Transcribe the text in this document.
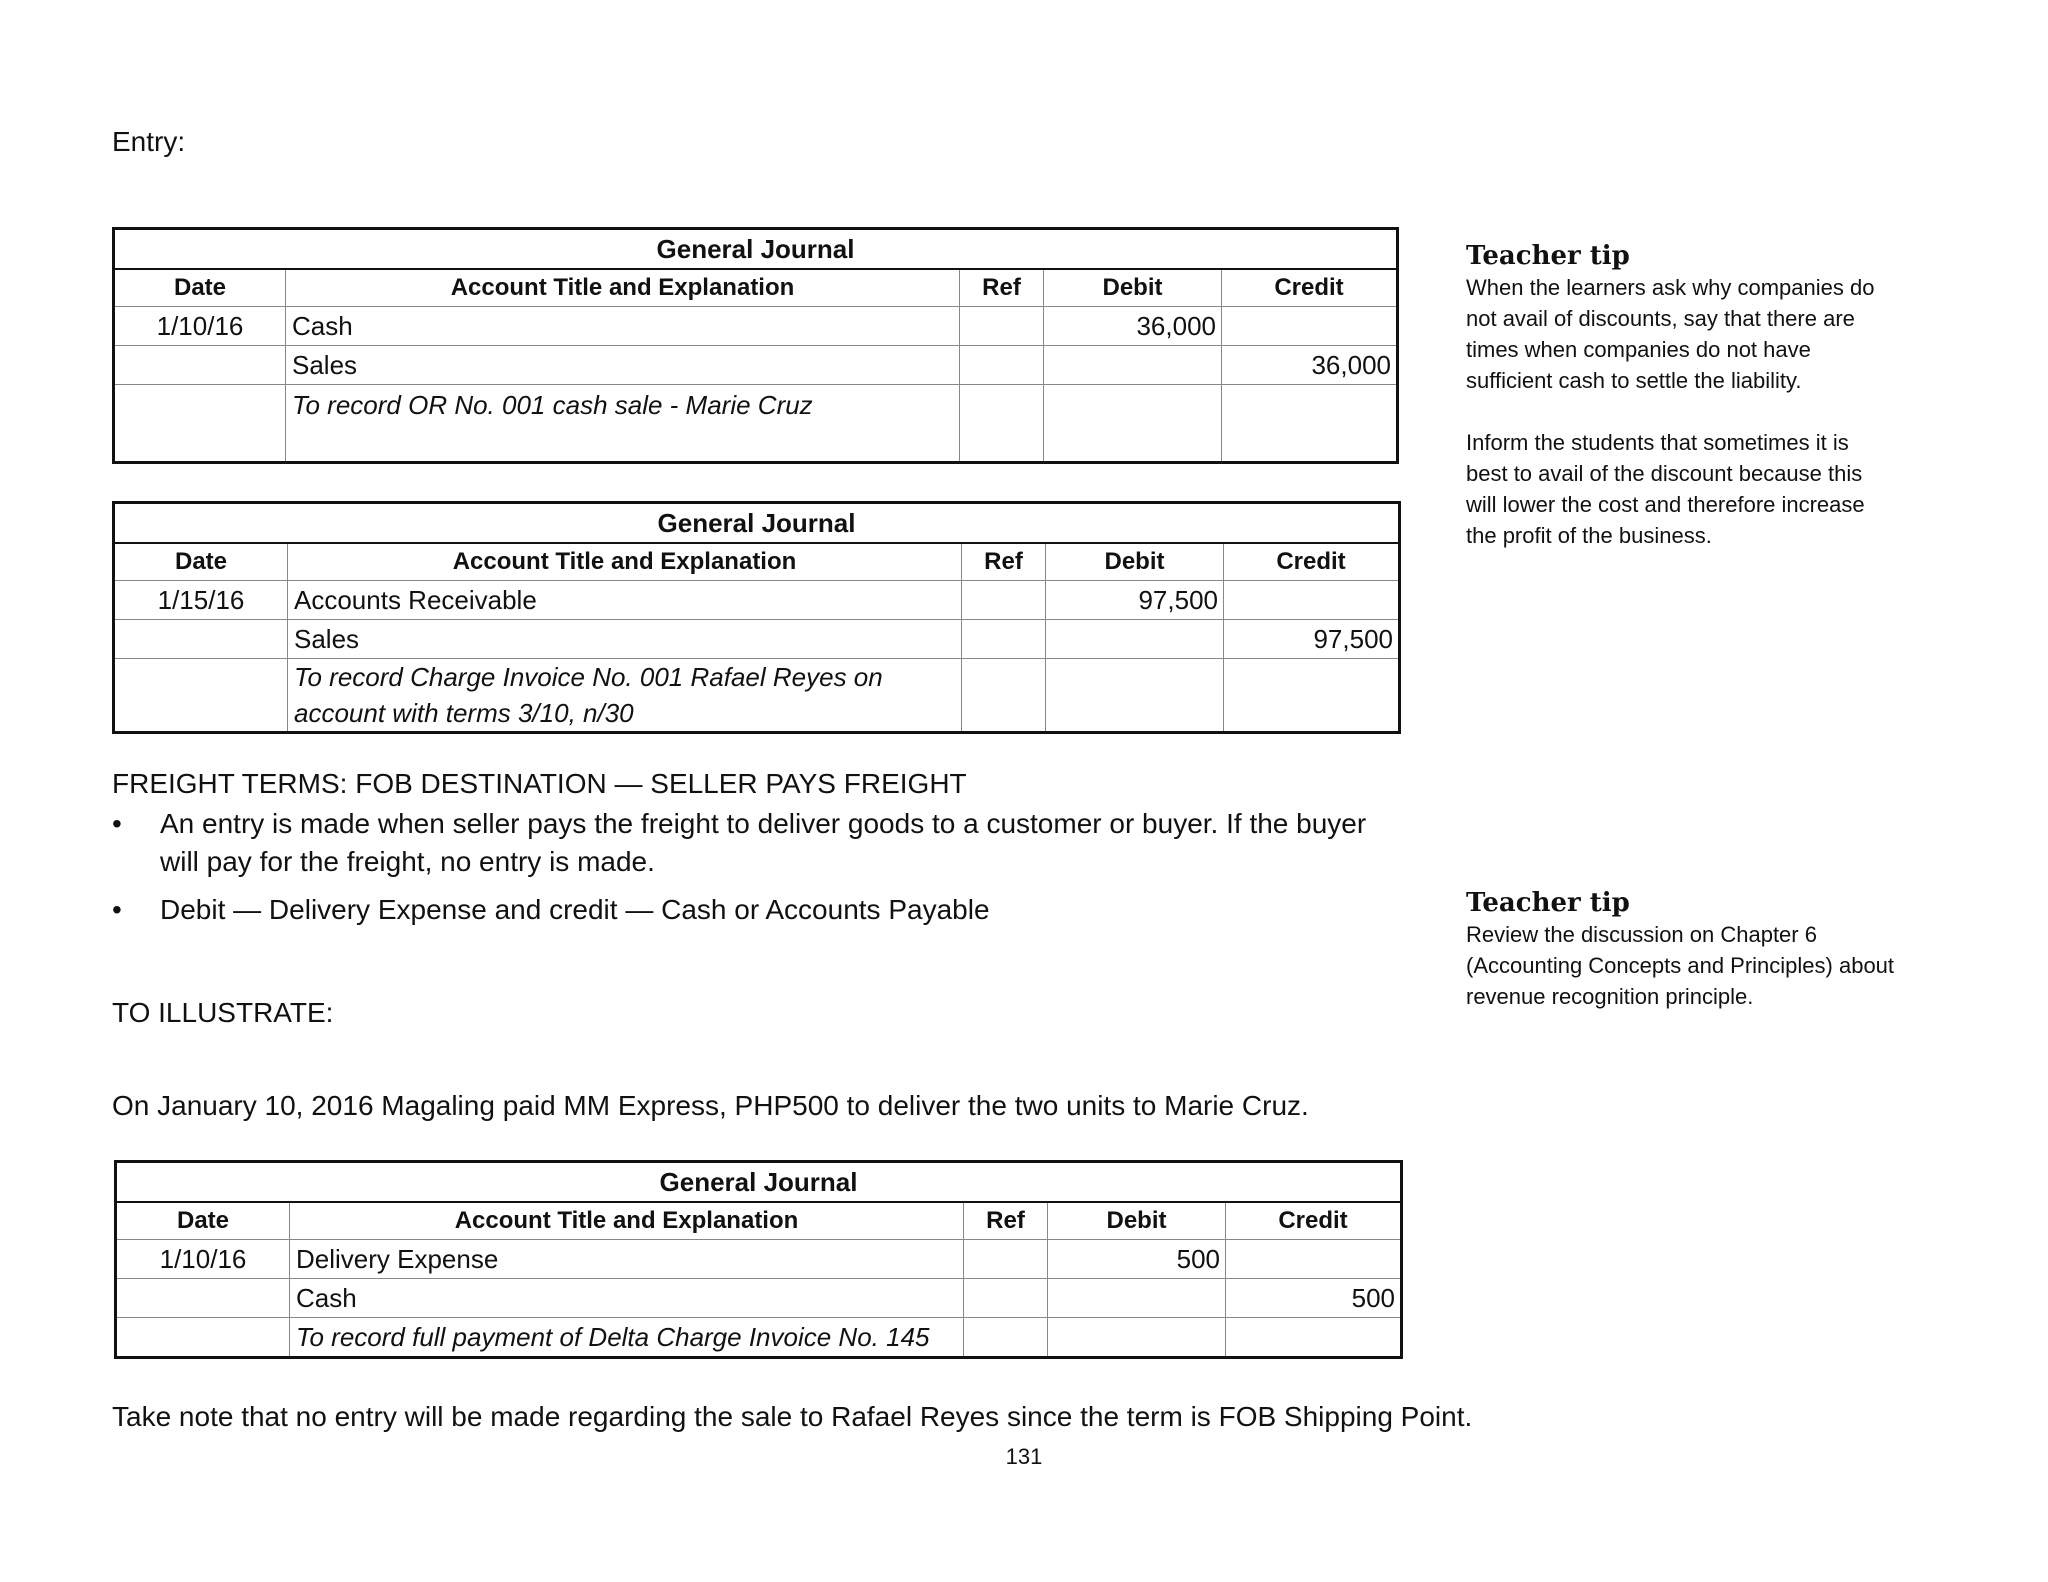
Entry:
General Journal				
Date	Account Title and Explanation	Ref	Debit	Credit
1/10/16	Cash		36,000	
	Sales			36,000
	To record OR No. 001 cash sale - Marie Cruz			
General Journal				
Date	Account Title and Explanation	Ref	Debit	Credit
1/15/16	Accounts Receivable		97,500	
	Sales			97,500

	To record Charge Invoice No. 001 Rafael Reyes on
account with terms 3/10, n/30			

FREIGHT TERMS: FOB DESTINATION — SELLER PAYS FREIGHT
• An entry is made when seller pays the freight to deliver goods to a customer or buyer. If the buyer
will pay for the freight, no entry is made.
• Debit — Delivery Expense and credit — Cash or Accounts Payable
TO ILLUSTRATE:
On January 10, 2016 Magaling paid MM Express, PHP500 to deliver the two units to Marie Cruz.
General Journal				
Date	Account Title and Explanation	Ref	Debit	Credit
1/10/16	Delivery Expense		500	
	Cash			500
	To record full payment of Delta Charge Invoice No. 145			
Take note that no entry will be made regarding the sale to Rafael Reyes since the term is FOB Shipping Point.
131
Teacher tip
When the learners ask why companies do
not avail of discounts, say that there are
times when companies do not have
sufficient cash to settle the liability.

Inform the students that sometimes it is
best to avail of the discount because this
will lower the cost and therefore increase
the profit of the business.
Teacher tip
Review the discussion on Chapter 6
(Accounting Concepts and Principles) about
revenue recognition principle.
